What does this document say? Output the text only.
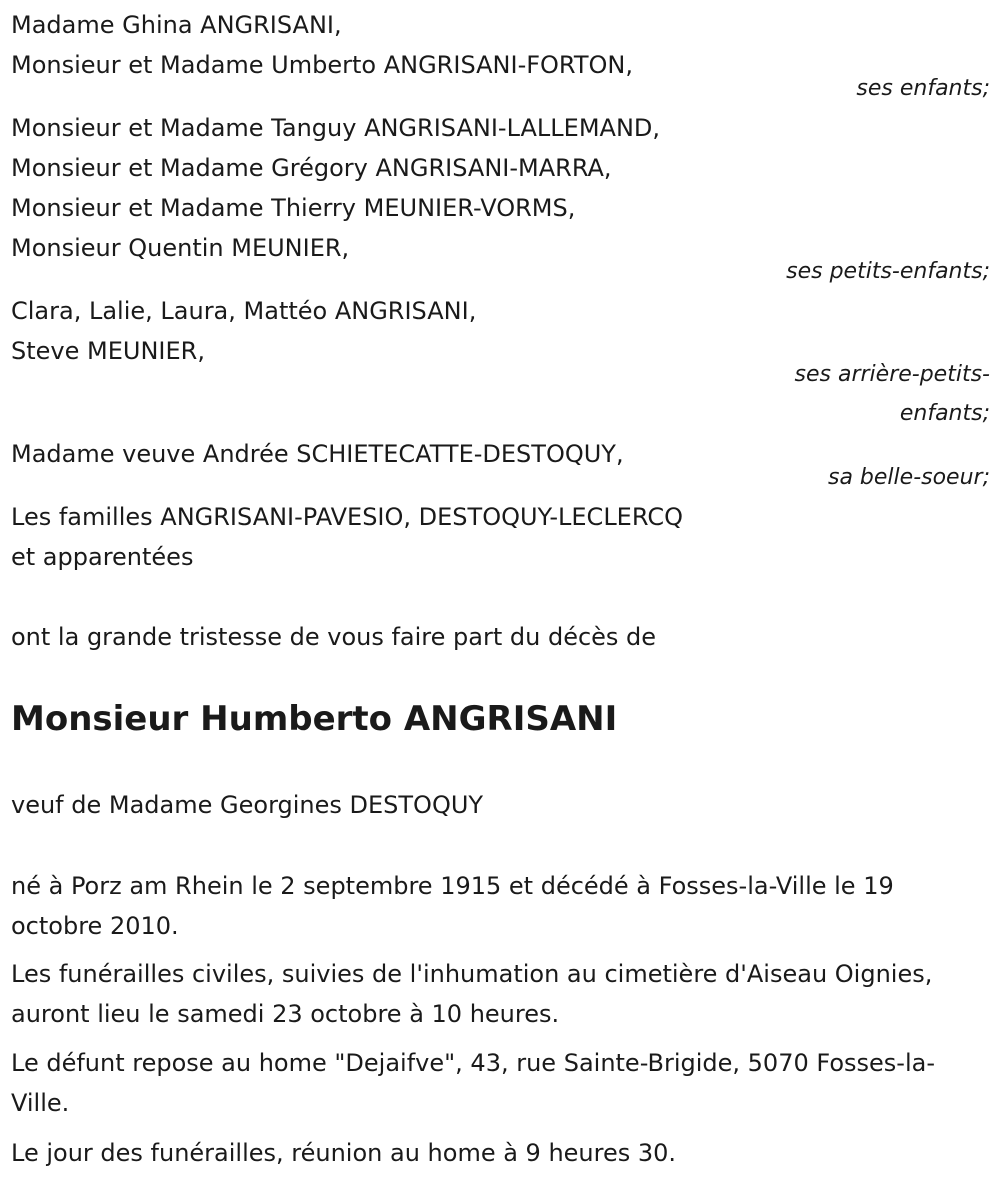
Madame Ghina ANGRISANI,
Monsieur et Madame Umberto ANGRISANI-FORTON,
ses enfants;
Monsieur et Madame Tanguy ANGRISANI-LALLEMAND,
Monsieur et Madame Grégory ANGRISANI-MARRA,
Monsieur et Madame Thierry MEUNIER-VORMS,
Monsieur Quentin MEUNIER,
ses petits-enfants;
Clara, Lalie, Laura, Mattéo ANGRISANI,
Steve MEUNIER,
ses arrière-petits-
enfants;
Madame veuve Andrée SCHIETECATTE-DESTOQUY,
sa belle-soeur;
Les familles ANGRISANI-PAVESIO, DESTOQUY-LECLERCQ
et apparentées
ont la grande tristesse de vous faire part du décès de
Monsieur Humberto ANGRISANI
veuf de Madame Georgines DESTOQUY
né à Porz am Rhein le 2 septembre 1915 et décédé à Fosses-la-Ville le 19 octobre 2010.
Les funérailles civiles, suivies de l'inhumation au cimetière d'Aiseau Oignies, auront lieu le samedi 23 octobre à 10 heures.
Le défunt repose au home "Dejaifve", 43, rue Sainte-Brigide, 5070 Fosses-la-Ville.
Le jour des funérailles, réunion au home à 9 heures 30.
